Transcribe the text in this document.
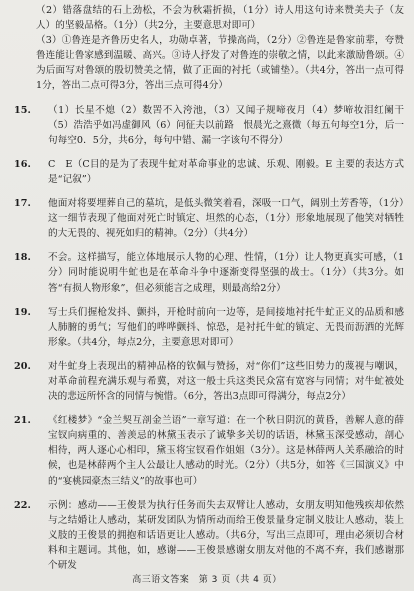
（2）错落盘结的石上劲松，不会为秋霜折损，（1分）诗人用这句诗来赞美夫子（友人）的坚毅品格。（1分）（共2分，主要意思对即可）

（3）①鲁连是齐鲁历史名人，功勋卓著，节操高尚，（2分）②鲁连是鲁家前辈，夸赞鲁连能让鲁家感到温暖、高兴。③诗人抒发了对鲁连的崇敬之情，以此来激励鲁颂。④为后面写对鲁颂的殷切赞美之情，做了正面的衬托（或铺垫）。（共4分，答出一点可得1分，答出二点可得3分，答出三点可得4分）

15. （1）长星不熄（2）数罟不入洿池，（3）又闻子规啼夜月（4）梦啼妆泪红阑干（5）浩浩乎如冯虚御风（6）问征夫以前路　恨晨光之熹微（每五句每空1分，后一句每空0．5分，共6分，每句中错、漏一字该句不得分）

16. C　E（C目的是为了表现牛虻对革命事业的忠诚、乐观、刚毅。E 主要的表达方式是“记叙”）

17. 他面对将要埋葬自己的墓坑，是低头微笑着看，深吸一口气，阔别土芳香等，（1分）这一细节表现了他面对死亡时镇定、坦然的心态，（1分）形象地展现了他笑对牺牲的大无畏的、视死如归的精神。（2分）（共4分）

18. 不会。这样描写，能立体地展示人物的心理、性情，（1分）让人物更真实可感，（1分）同时能说明牛虻也是在革命斗争中逐渐变得坚强的战士。（1分）（共3分。如答“有损人物形象”，但必须能言之成理，则最高给2分）

19. 写士兵们握枪发抖、颤抖，开枪时前向一边等，是间接地衬托牛虻正义的品质和感人肺腑的勇气；写他们的哗哗颤抖、惊恐，是衬托牛虻的镇定、无畏而沥洒的光辉形象。（共4分，每点2分，主要意思对即可）

20. 对牛虻身上表现出的精神品格的钦佩与赞扬，对“你们”这些旧势力的蔑视与嘲讽，对革命前程充满乐观与希冀，对这一般士兵这类民众富有宽容与同情；对牛虻被处决的悲远所怀含的同情与惋惜。（6分，答出3点即可得满分，每点2分）

21. 《红楼梦》“金兰契互剖金兰语”一章写道：在一个秋日阴沉的黄昏，善解人意的薛宝钗向病重的、善羡忌的林黛玉表示了诚挚多关切的话语，林黛玉深受感动，剖心相待，两人逐心心相印，黛玉将宝钗看作姐姐（3分）。这是林薛两人关系融洽的时候，也是林薛两个主人公最让人感动的时光。（2分）（共5分，如答《三国演义》中的“宴桃园豪杰三结义”的故事也可）

22. 示例：感动——王俊景为执行任务而失去双臂让人感动，女朋友明知他残疾却依然与之结婚让人感动，某研发团队为情所动而给王俊景量身定制义肢让人感动，装上义肢的王俊景的拥抱和话语更让人感动。（共6分，写出三点即可，理由必须切合材料和主题词。其他，如，感谢——王俊景感谢女朋友对他的不离不弃，我们感谢那个研发

高三语文答案　第 3 页（共 4 页）
